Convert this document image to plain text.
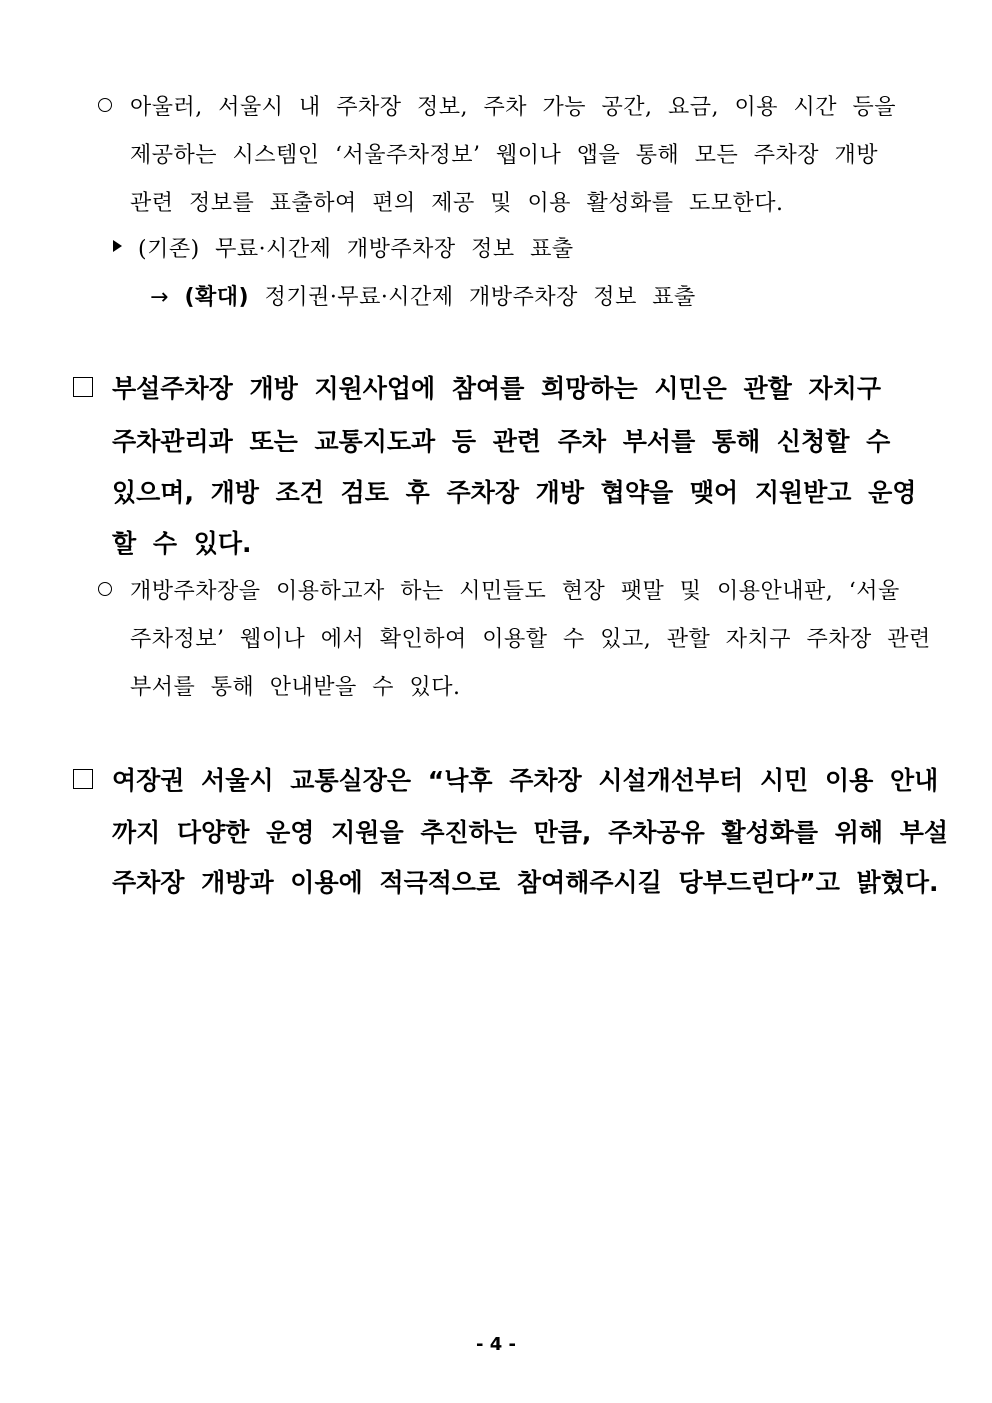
아울러, 서울시 내 주차장 정보, 주차 가능 공간, 요금, 이용 시간 등을
제공하는 시스템인 ‘서울주차정보’ 웹이나 앱을 통해 모든 주차장 개방
관련 정보를 표출하여 편의 제공 및 이용 활성화를 도모한다.
(기존) 무료·시간제 개방주차장 정보 표출
→ (확대) 정기권·무료·시간제 개방주차장 정보 표출
부설주차장 개방 지원사업에 참여를 희망하는 시민은 관할 자치구
주차관리과 또는 교통지도과 등 관련 주차 부서를 통해 신청할 수
있으며, 개방 조건 검토 후 주차장 개방 협약을 맺어 지원받고 운영
할 수 있다.
개방주차장을 이용하고자 하는 시민들도 현장 팻말 및 이용안내판, ‘서울
주차정보’ 웹이나 에서 확인하여 이용할 수 있고, 관할 자치구 주차장 관련
부서를 통해 안내받을 수 있다.
여장권 서울시 교통실장은 “낙후 주차장 시설개선부터 시민 이용 안내
까지 다양한 운영 지원을 추진하는 만큼, 주차공유 활성화를 위해 부설
주차장 개방과 이용에 적극적으로 참여해주시길 당부드린다”고 밝혔다.
- 4 -
